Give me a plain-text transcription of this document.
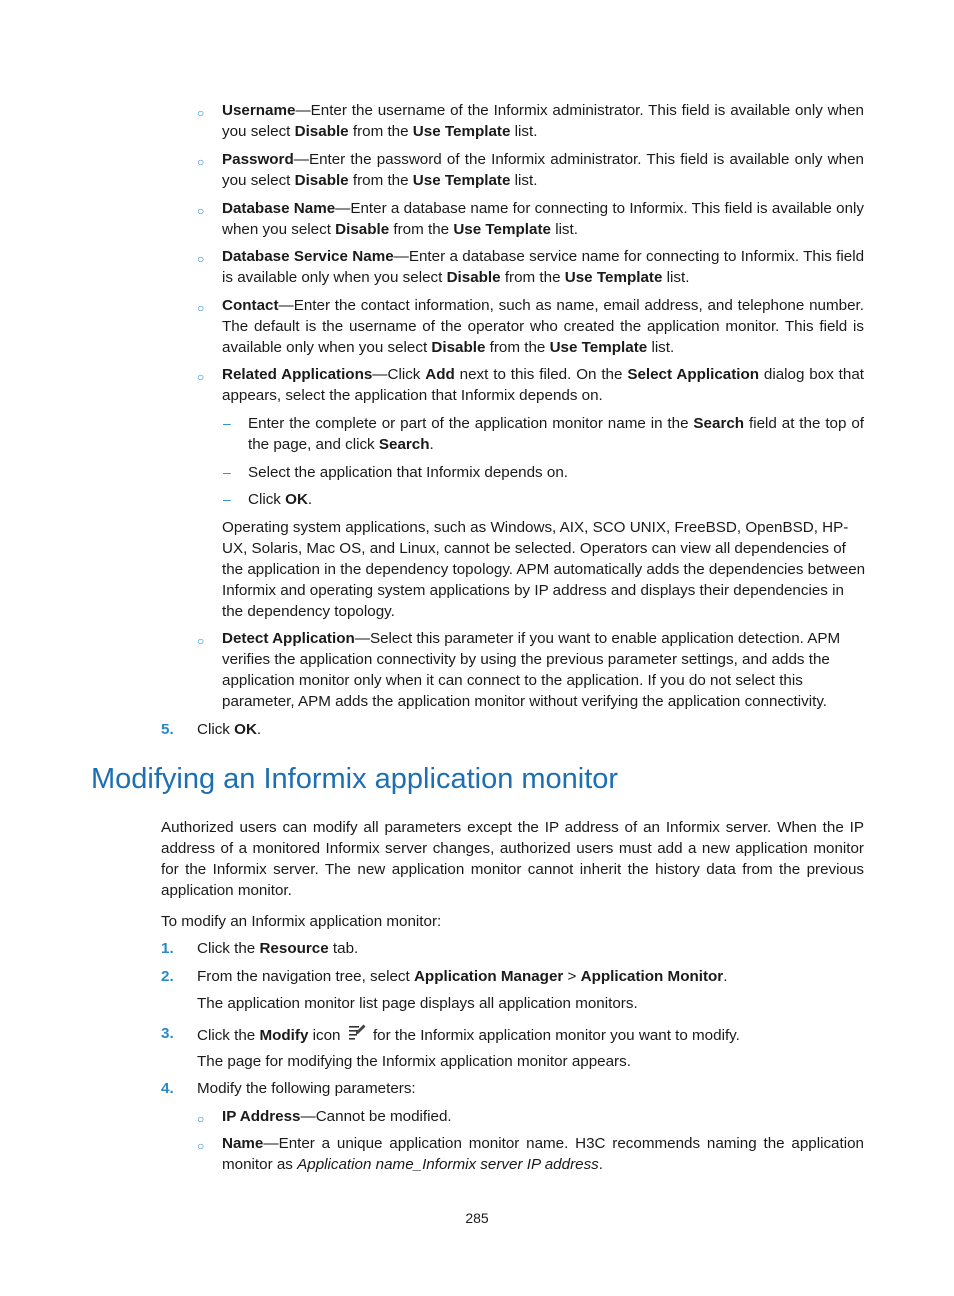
○ Username—Enter the username of the Informix administrator. This field is available only when you select Disable from the Use Template list.
○ Password—Enter the password of the Informix administrator. This field is available only when you select Disable from the Use Template list.
○ Database Name—Enter a database name for connecting to Informix. This field is available only when you select Disable from the Use Template list.
○ Database Service Name—Enter a database service name for connecting to Informix. This field is available only when you select Disable from the Use Template list.
○ Contact—Enter the contact information, such as name, email address, and telephone number. The default is the username of the operator who created the application monitor. This field is available only when you select Disable from the Use Template list.
○ Related Applications—Click Add next to this filed. On the Select Application dialog box that appears, select the application that Informix depends on.
– Enter the complete or part of the application monitor name in the Search field at the top of the page, and click Search.
– Select the application that Informix depends on.
– Click OK.
Operating system applications, such as Windows, AIX, SCO UNIX, FreeBSD, OpenBSD, HP-UX, Solaris, Mac OS, and Linux, cannot be selected. Operators can view all dependencies of the application in the dependency topology. APM automatically adds the dependencies between Informix and operating system applications by IP address and displays their dependencies in the dependency topology.
○ Detect Application—Select this parameter if you want to enable application detection. APM verifies the application connectivity by using the previous parameter settings, and adds the application monitor only when it can connect to the application. If you do not select this parameter, APM adds the application monitor without verifying the application connectivity.
5. Click OK.
Modifying an Informix application monitor
Authorized users can modify all parameters except the IP address of an Informix server. When the IP address of a monitored Informix server changes, authorized users must add a new application monitor for the Informix server. The new application monitor cannot inherit the history data from the previous application monitor.
To modify an Informix application monitor:
1. Click the Resource tab.
2. From the navigation tree, select Application Manager > Application Monitor.
The application monitor list page displays all application monitors.
3. Click the Modify icon  for the Informix application monitor you want to modify.
The page for modifying the Informix application monitor appears.
4. Modify the following parameters:
○ IP Address—Cannot be modified.
○ Name—Enter a unique application monitor name. H3C recommends naming the application monitor as Application name_Informix server IP address.
285
